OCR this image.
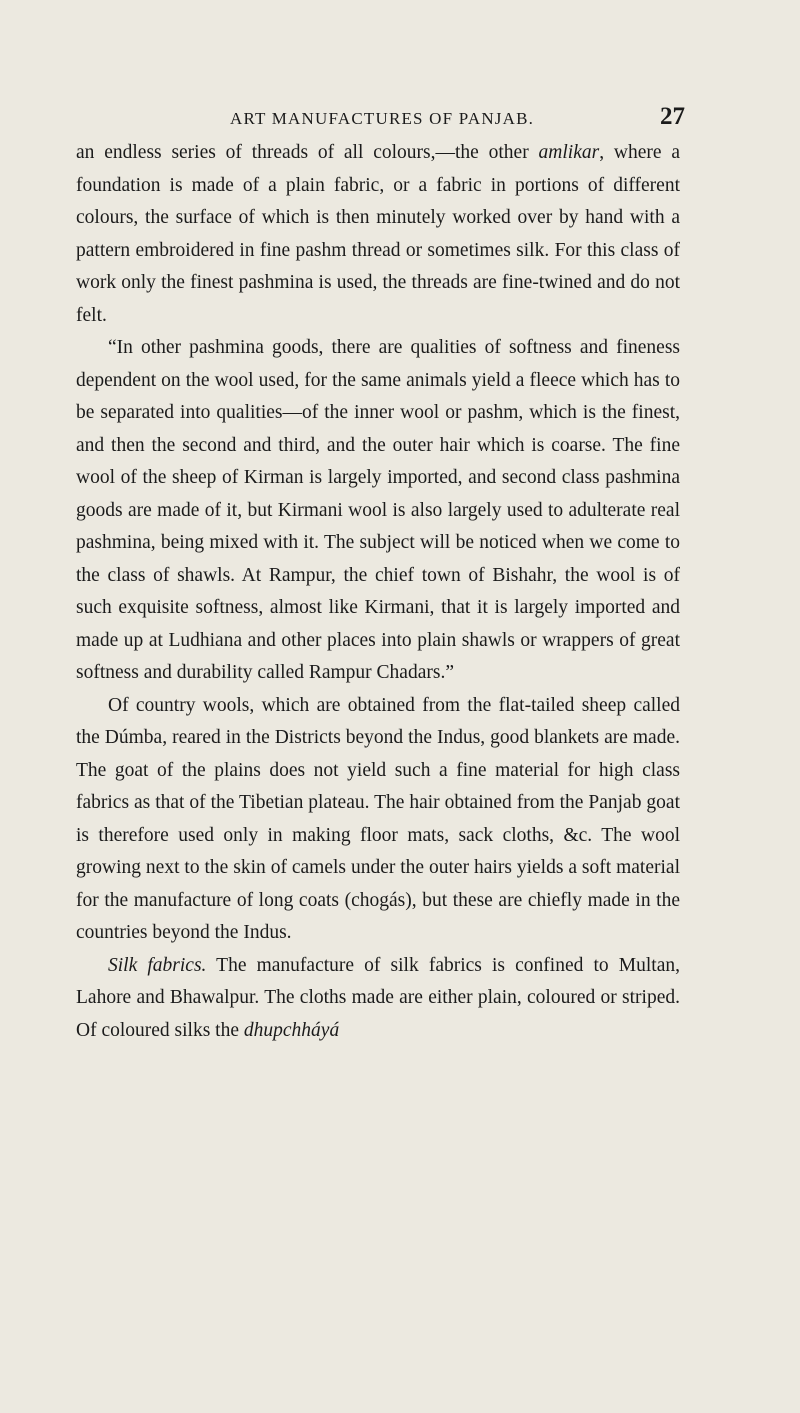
ART MANUFACTURES OF PANJAB.	27

an endless series of threads of all colours,—the other amlikar, where a foundation is made of a plain fabric, or a fabric in portions of different colours, the surface of which is then minutely worked over by hand with a pattern embroidered in fine pashm thread or sometimes silk. For this class of work only the finest pashmina is used, the threads are fine-twined and do not felt.

“In other pashmina goods, there are qualities of softness and fineness dependent on the wool used, for the same animals yield a fleece which has to be separated into qualities—of the inner wool or pashm, which is the finest, and then the second and third, and the outer hair which is coarse. The fine wool of the sheep of Kirman is largely imported, and second class pashmina goods are made of it, but Kirmani wool is also largely used to adulterate real pashmina, being mixed with it. The subject will be noticed when we come to the class of shawls. At Rampur, the chief town of Bishahr, the wool is of such exquisite softness, almost like Kirmani, that it is largely imported and made up at Ludhiana and other places into plain shawls or wrappers of great softness and durability called Rampur Chadars.”

Of country wools, which are obtained from the flat-tailed sheep called the Dúmba, reared in the Districts beyond the Indus, good blankets are made. The goat of the plains does not yield such a fine material for high class fabrics as that of the Tibetian plateau. The hair obtained from the Panjab goat is therefore used only in making floor mats, sack cloths, &c. The wool growing next to the skin of camels under the outer hairs yields a soft material for the manufacture of long coats (chogás), but these are chiefly made in the countries beyond the Indus.

Silk fabrics. The manufacture of silk fabrics is confined to Multan, Lahore and Bhawalpur. The cloths made are either plain, coloured or striped. Of coloured silks the dhupchháyá
